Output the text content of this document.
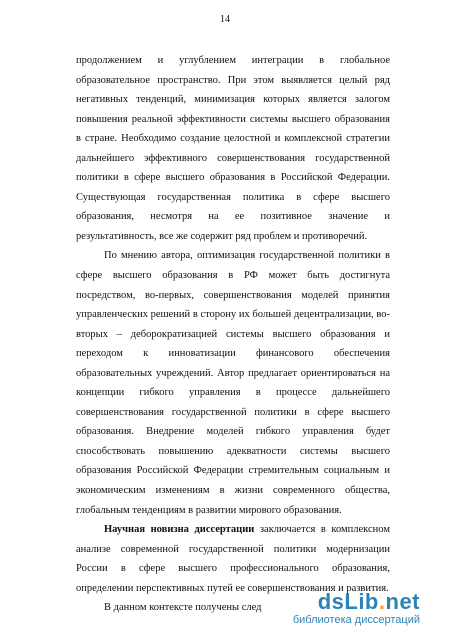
14

продолжением и углублением интеграции в глобальное образовательное пространство. При этом выявляется целый ряд негативных тенденций, минимизация которых является залогом повышения реальной эффективности системы высшего образования в стране. Необходимо создание целостной и комплексной стратегии дальнейшего эффективного совершенствования государственной политики в сфере высшего образования в Российской Федерации. Существующая государственная политика в сфере высшего образования, несмотря на ее позитивное значение и результативность, все же содержит ряд проблем и противоречий.

По мнению автора, оптимизация государственной политики в сфере высшего образования в РФ может быть достигнута посредством, во-первых, совершенствования моделей принятия управленческих решений в сторону их большей децентрализации, во-вторых – деборократизацией системы высшего образования и переходом к инноватизации финансового обеспечения образовательных учреждений. Автор предлагает ориентироваться на концепции гибкого управления в процессе дальнейшего совершенствования государственной политики в сфере высшего образования. Внедрение моделей гибкого управления будет способствовать повышению адекватности системы высшего образования Российской Федерации стремительным социальным и экономическим изменениям в жизни современного общества, глобальным тенденциям в развитии мирового образования.

Научная новизна диссертации заключается в комплексном анализе современной государственной политики модернизации России в сфере высшего профессионального образования, определении перспективных путей ее совершенствования и развития.

В данном контексте получены след	dsLib.net
библиотека диссертаций
